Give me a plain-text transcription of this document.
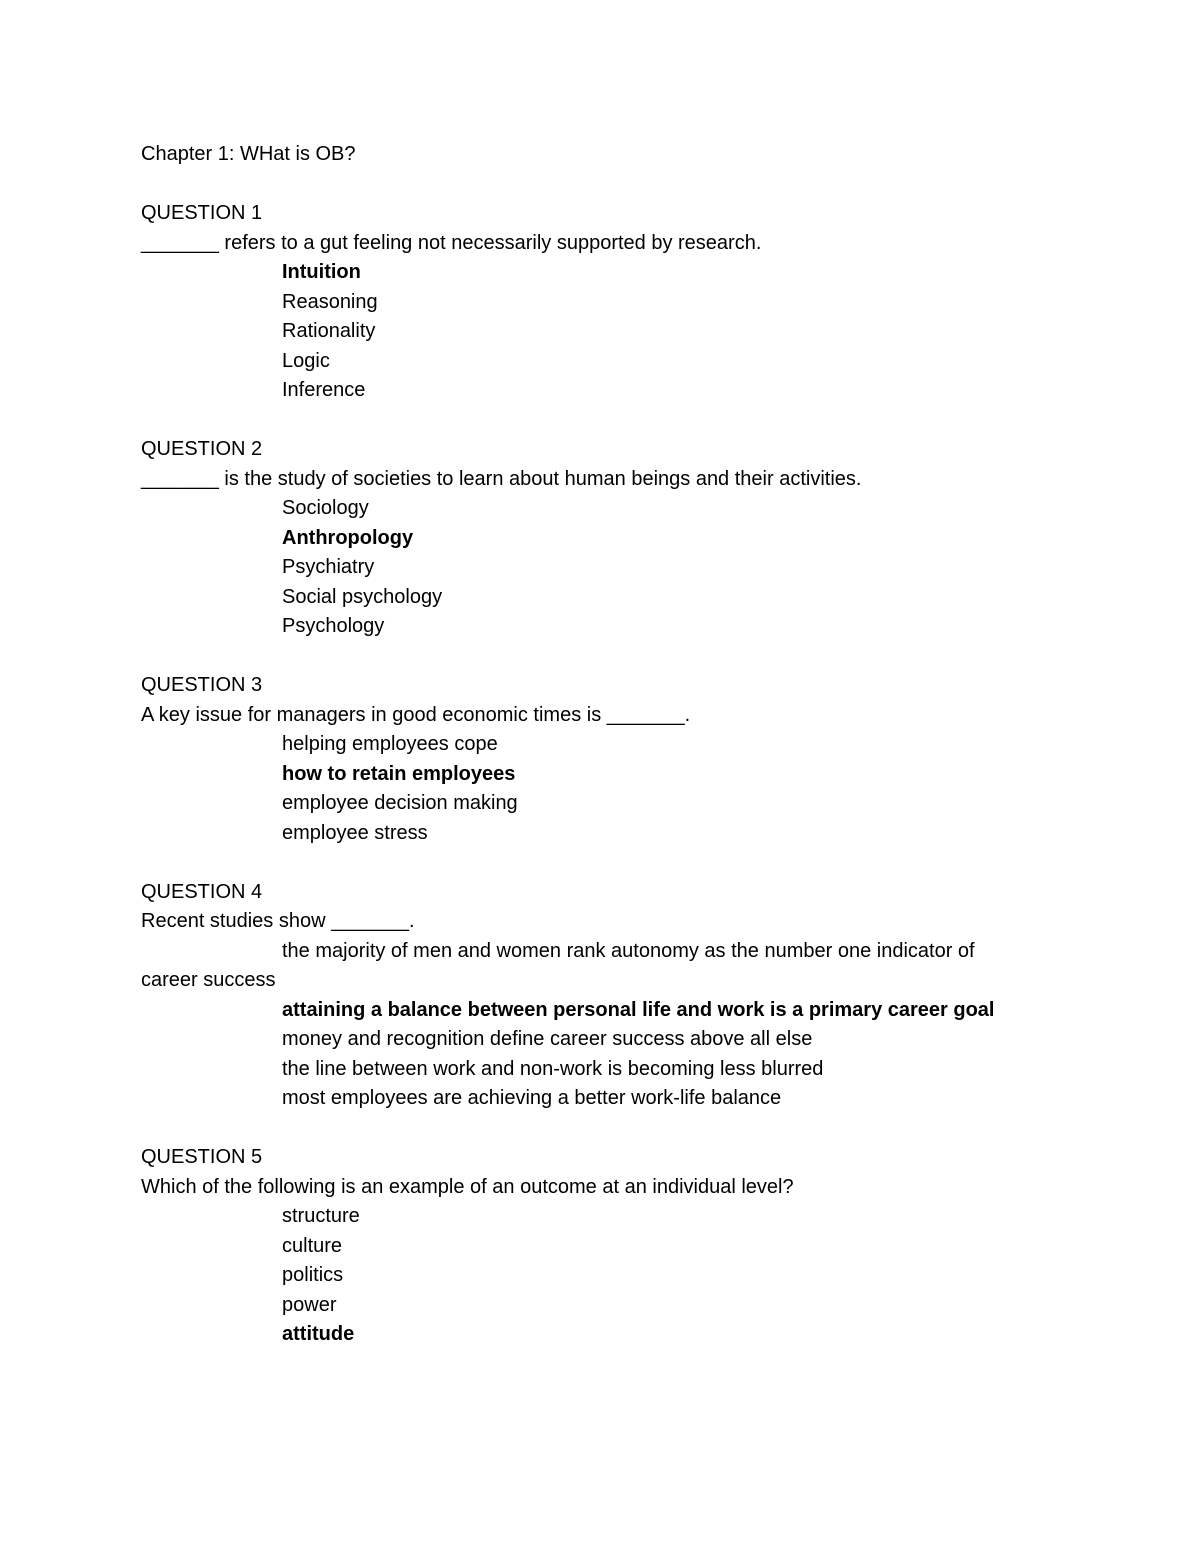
Chapter 1: WHat is OB?
QUESTION 1
_______ refers to a gut feeling not necessarily supported by research.
Intuition
Reasoning
Rationality
Logic
Inference
QUESTION 2
_______ is the study of societies to learn about human beings and their activities.
Sociology
Anthropology
Psychiatry
Social psychology
Psychology
QUESTION 3
A key issue for managers in good economic times is _______.
helping employees cope
how to retain employees
employee decision making
employee stress
QUESTION 4
Recent studies show _______.
the majority of men and women rank autonomy as the number one indicator of
career success
attaining a balance between personal life and work is a primary career goal
money and recognition define career success above all else
the line between work and non-work is becoming less blurred
most employees are achieving a better work-life balance
QUESTION 5
Which of the following is an example of an outcome at an individual level?
structure
culture
politics
power
attitude
